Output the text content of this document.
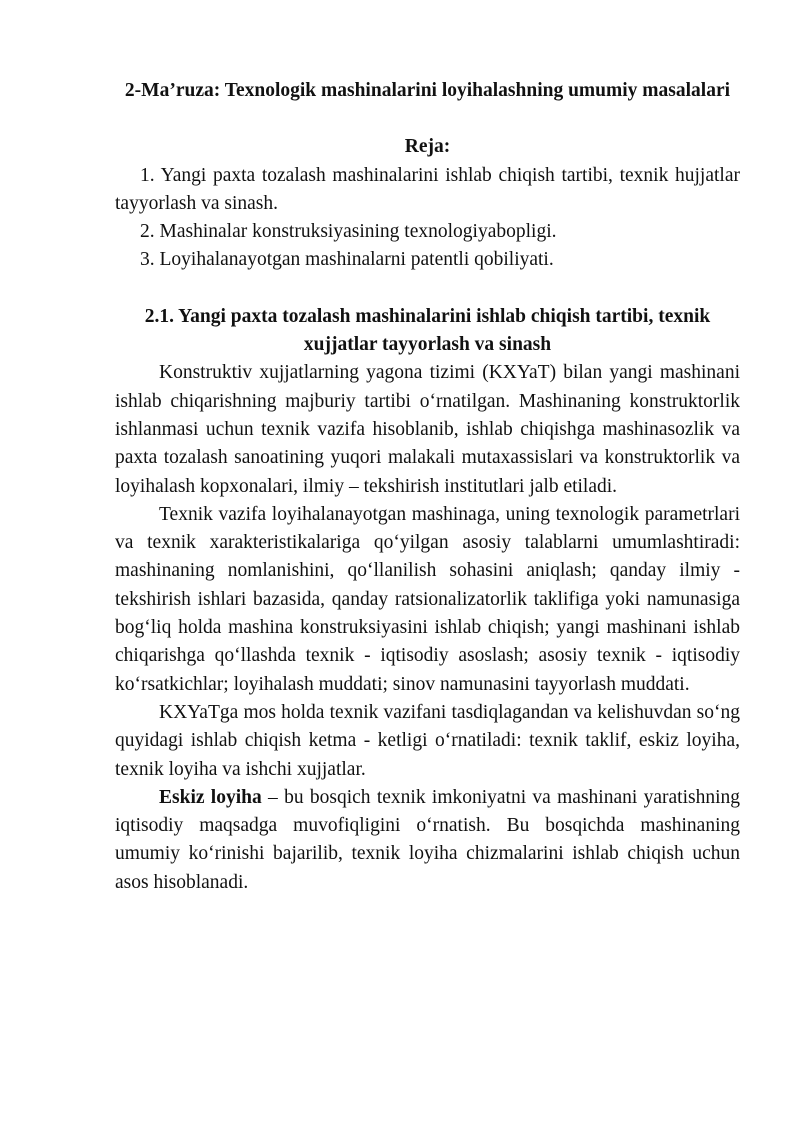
2-Ma’ruza: Texnologik mashinalarini loyihalashning umumiy masalalari
Reja:
1. Yangi paxta tozalash mashinalarini ishlab chiqish tartibi, texnik hujjatlar tayyorlash va sinash.
2. Mashinalar konstruksiyasining texnologiyabopligi.
3. Loyihalanayotgan mashinalarni patentli qobiliyati.
2.1. Yangi paxta tozalash mashinalarini ishlab chiqish tartibi, texnik xujjatlar tayyorlash va sinash

Konstruktiv xujjatlarning yagona tizimi (KXYaT) bilan yangi mashinani ishlab chiqarishning majburiy tartibi o‘rnatilgan. Mashinaning konstruktorlik ishlanmasi uchun texnik vazifa hisoblanib, ishlab chiqishga mashinasozlik va paxta tozalash sanoatining yuqori malakali mutaxassislari va konstruktorlik va loyihalash kopxonalari, ilmiy – tekshirish institutlari jalb etiladi.

Texnik vazifa loyihalanayotgan mashinaga, uning texnologik parametrlari va texnik xarakteristikalariga qo‘yilgan asosiy talablarni umumlashtiradi: mashinaning nomlanishini, qo‘llanilish sohasini aniqlash; qanday ilmiy - tekshirish ishlari bazasida, qanday ratsionalizatorlik taklifiga yoki namunasiga bog‘liq holda mashina konstruksiyasini ishlab chiqish; yangi mashinani ishlab chiqarishga qo‘llashda texnik - iqtisodiy asoslash; asosiy texnik - iqtisodiy ko‘rsatkichlar; loyihalash muddati; sinov namunasini tayyorlash muddati.

KXYaTga mos holda texnik vazifani tasdiqlagandan va kelishuvdan so‘ng quyidagi ishlab chiqish ketma - ketligi o‘rnatiladi: texnik taklif, eskiz loyiha, texnik loyiha va ishchi xujjatlar.

Eskiz loyiha – bu bosqich texnik imkoniyatni va mashinani yaratishning iqtisodiy maqsadga muvofiqligini o‘rnatish. Bu bosqichda mashinaning umumiy ko‘rinishi bajarilib, texnik loyiha chizmalarini ishlab chiqish uchun asos hisoblanadi.
